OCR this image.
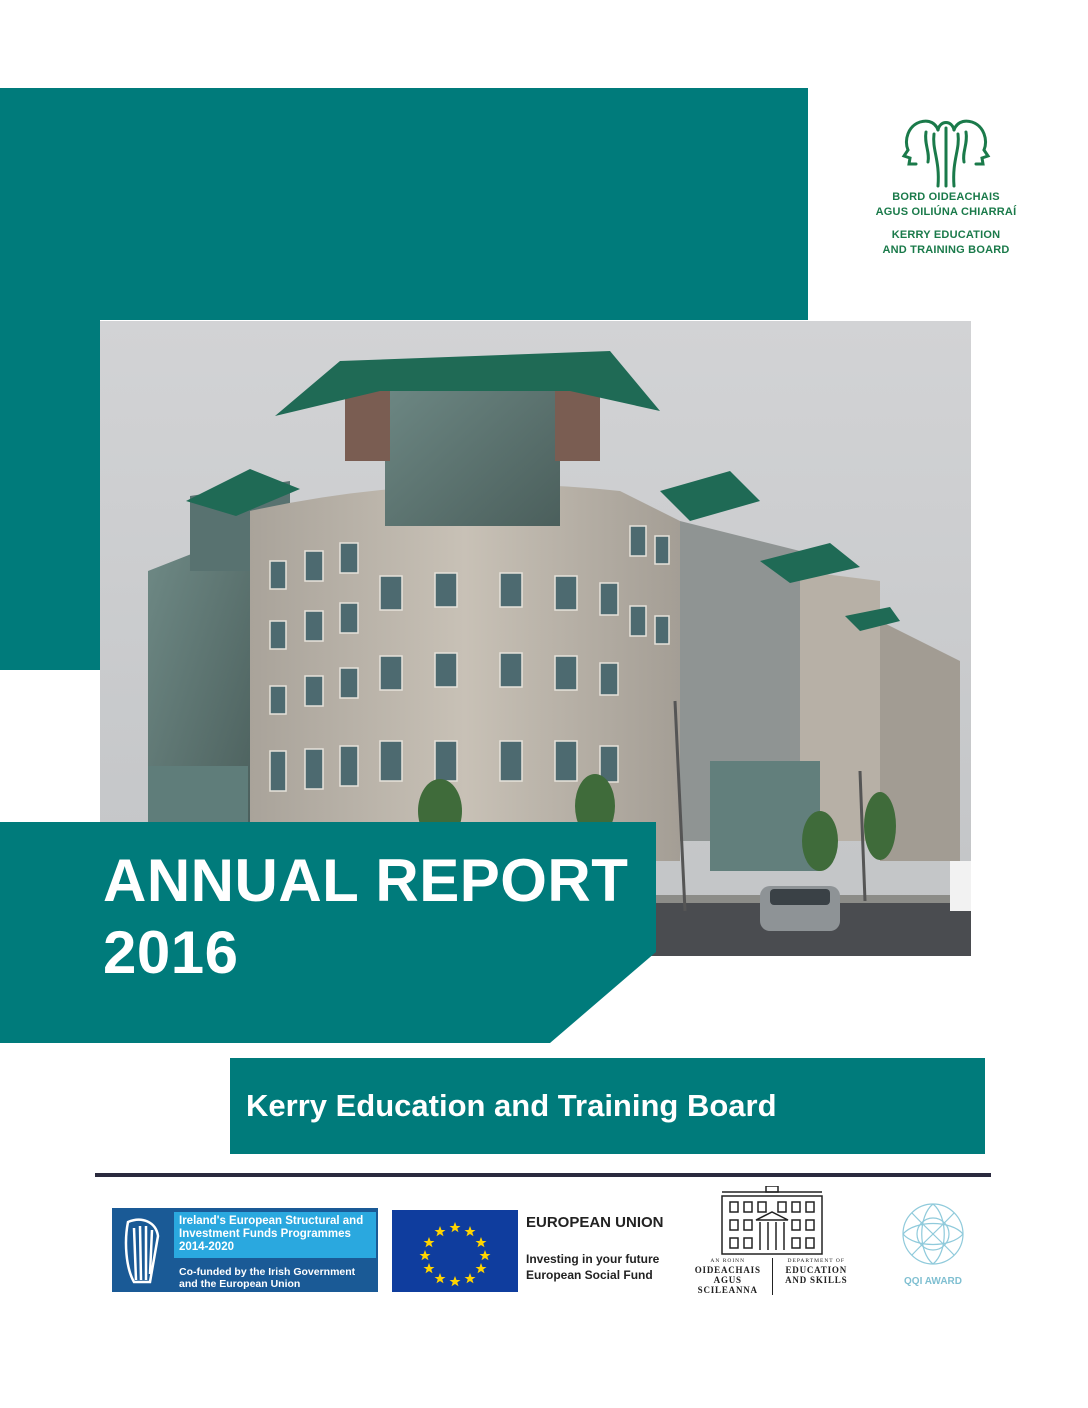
BORD OIDEACHAIS
AGUS OILIÚNA CHIARRAÍ
KERRY EDUCATION
AND TRAINING BOARD
ANNUAL REPORT
2016
Kerry Education and Training Board
Ireland's European Structural and
Investment Funds Programmes
2014-2020
Co-funded by the Irish Government
and the European Union
EUROPEAN UNION
Investing in your future
European Social Fund
AN ROINN
OIDEACHAIS
AGUS SCILEANNA
DEPARTMENT OF
EDUCATION
AND SKILLS	QQI AWARD
